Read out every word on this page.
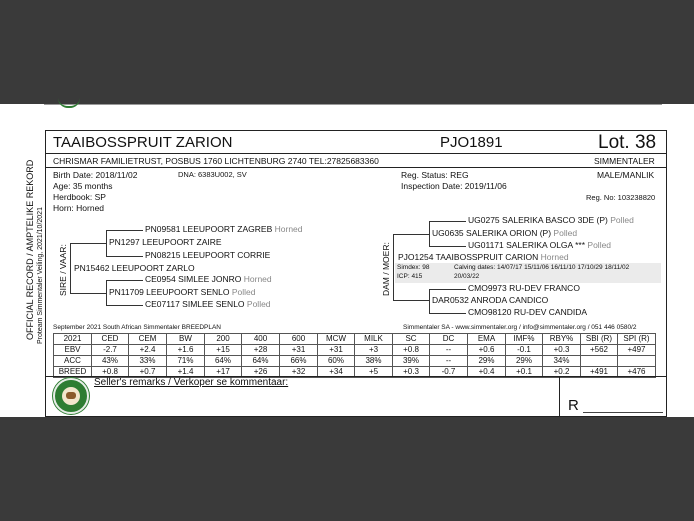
OFFICIAL RECORD / AMPTELIKE REKORD Proteam Simmentaler Veiling, 2021/10/2021
TAAIBOSSPRUIT ZARION	PJO1891	Lot. 38
CHRISMAR FAMILIETRUST, POSBUS 1760 LICHTENBURG 2740 TEL:27825683360	SIMMENTALER
Birth Date: 2018/11/02	DNA: 6383U002, SV
Age: 35 months
Herdbook: SP
Horn: Horned
Reg. Status: REG	MALE/MANLIK
Inspection Date: 2019/11/06
Reg. No: 103238820
SIRE / VAAR:
PN09581 LEEUPOORT ZAGREB Horned
PN1297 LEEUPOORT ZAIRE
PN08215 LEEUPOORT CORRIE
PN15462 LEEUPOORT ZARLO
CE0954 SIMLEE JONRO Horned
PN11709 LEEUPOORT SENLO Polled
CE07117 SIMLEE SENLO Polled
DAM / MOER:
UG0275 SALERIKA BASCO 3DE (P) Polled
UG0635 SALERIKA ORION (P) Polled
UG01171 SALERIKA OLGA *** Polled
PJO1254 TAAIBOSSPRUIT CARION Horned
Simdex: 98
ICP: 415
Calving dates: 14/07/17 15/11/06 16/11/10 17/10/29 18/11/02
20/03/22
CMO9973 RU-DEV FRANCO
DAR0532 ANRODA CANDICO
CMO98120 RU-DEV CANDIDA
September 2021 South African Simmentaler BREEDPLAN	Simmentaler SA - www.simmentaler.org / info@simmentaler.org / 051 446 0580/2
2021	CED	CEM	BW	200	400	600	MCW	MILK	SC	DC	EMA	IMF%	RBY%	SBI (R)	SPI (R)
EBV	-2.7	+2.4	+1.6	+15	+28	+31	+31	+3	+0.8	--	+0.6	-0.1	+0.3	+562	+497
ACC	43%	33%	71%	64%	64%	66%	60%	38%	39%	--	29%	29%	34%		
BREED	+0.8	+0.7	+1.4	+17	+26	+32	+34	+5	+0.3	-0.7	+0.4	+0.1	+0.2	+491	+476
Seller's remarks / Verkoper se kommentaar:
R
